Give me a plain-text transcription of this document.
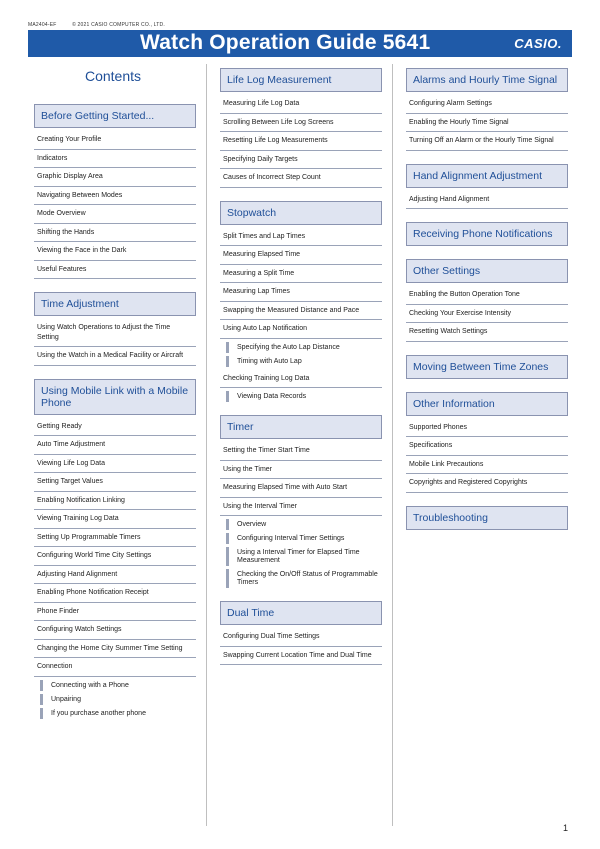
MA2404-EF	© 2021 CASIO COMPUTER CO., LTD.
Watch Operation Guide 5641	CASIO.
Contents
Before Getting Started...
Creating Your Profile
Indicators
Graphic Display Area
Navigating Between Modes
Mode Overview
Shifting the Hands
Viewing the Face in the Dark
Useful Features
Time Adjustment
Using Watch Operations to Adjust the Time Setting
Using the Watch in a Medical Facility or Aircraft
Using Mobile Link with a Mobile Phone
Getting Ready
Auto Time Adjustment
Viewing Life Log Data
Setting Target Values
Enabling Notification Linking
Viewing Training Log Data
Setting Up Programmable Timers
Configuring World Time City Settings
Adjusting Hand Alignment
Enabling Phone Notification Receipt
Phone Finder
Configuring Watch Settings
Changing the Home City Summer Time Setting
Connection
Connecting with a Phone
Unpairing
If you purchase another phone
Life Log Measurement
Measuring Life Log Data
Scrolling Between Life Log Screens
Resetting Life Log Measurements
Specifying Daily Targets
Causes of Incorrect Step Count
Stopwatch
Split Times and Lap Times
Measuring Elapsed Time
Measuring a Split Time
Measuring Lap Times
Swapping the Measured Distance and Pace
Using Auto Lap Notification
Specifying the Auto Lap Distance
Timing with Auto Lap
Checking Training Log Data
Viewing Data Records
Timer
Setting the Timer Start Time
Using the Timer
Measuring Elapsed Time with Auto Start
Using the Interval Timer
Overview
Configuring Interval Timer Settings
Using a Interval Timer for Elapsed Time Measurement
Checking the On/Off Status of Programmable Timers
Dual Time
Configuring Dual Time Settings
Swapping Current Location Time and Dual Time
Alarms and Hourly Time Signal
Configuring Alarm Settings
Enabling the Hourly Time Signal
Turning Off an Alarm or the Hourly Time Signal
Hand Alignment Adjustment
Adjusting Hand Alignment
Receiving Phone Notifications
Other Settings
Enabling the Button Operation Tone
Checking Your Exercise Intensity
Resetting Watch Settings
Moving Between Time Zones
Other Information
Supported Phones
Specifications
Mobile Link Precautions
Copyrights and Registered Copyrights
Troubleshooting
1
